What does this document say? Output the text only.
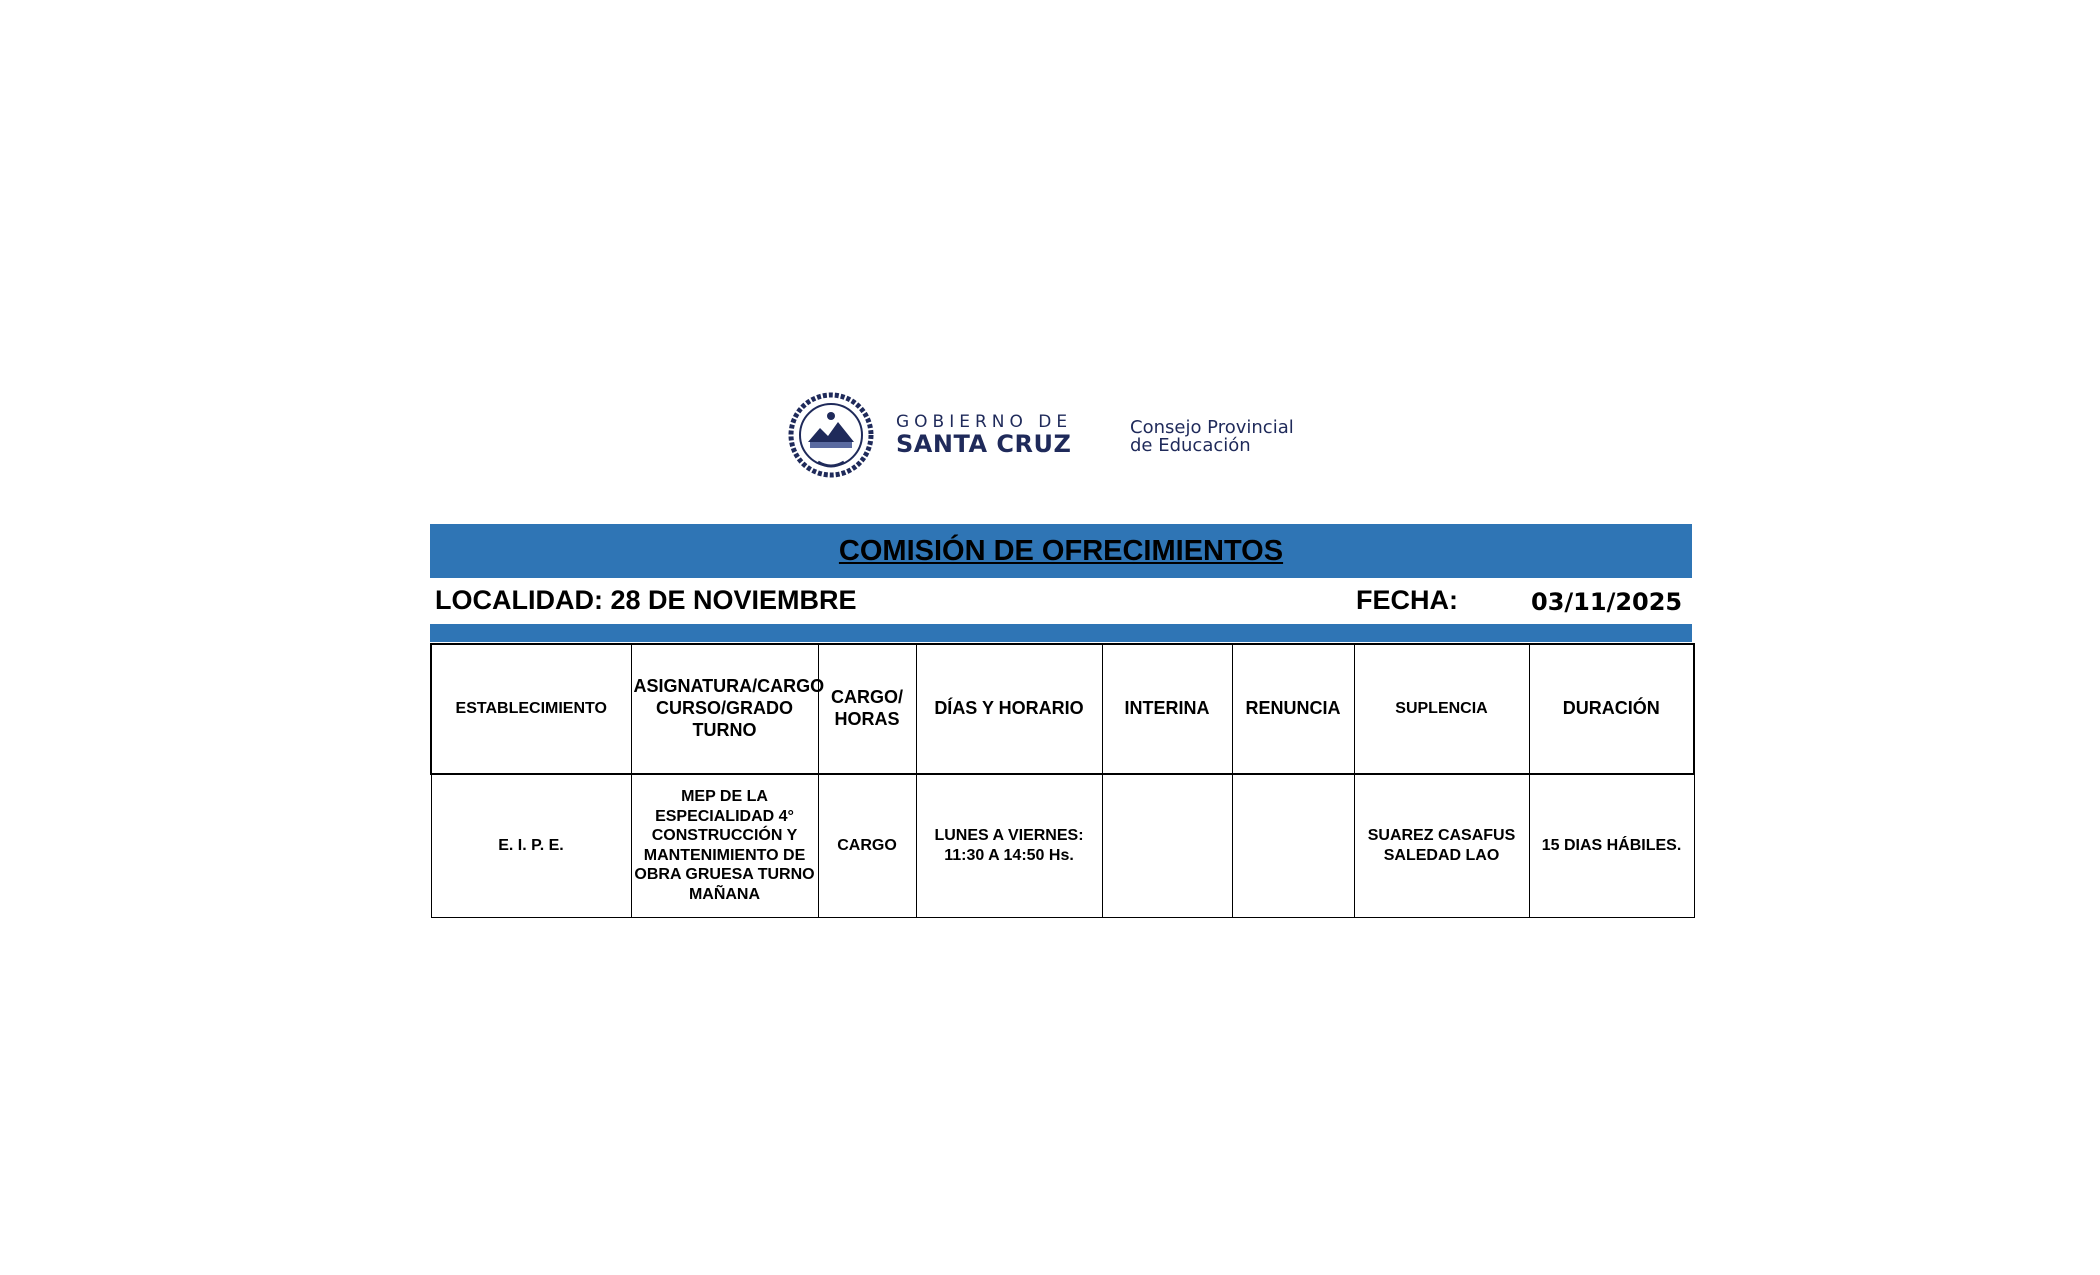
GOBIERNO DE
SANTA CRUZ
Consejo Provincial
de Educación
COMISIÓN DE OFRECIMIENTOS
LOCALIDAD: 28 DE NOVIEMBRE	FECHA:	03/11/2025
ESTABLECIMIENTO	ASIGNATURA/CARGO CURSO/GRADO TURNO	CARGO/ HORAS	DÍAS Y HORARIO	INTERINA	RENUNCIA	SUPLENCIA	DURACIÓN
E. I. P. E.	MEP DE LA ESPECIALIDAD 4° CONSTRUCCIÓN Y MANTENIMIENTO DE OBRA GRUESA TURNO MAÑANA	CARGO	LUNES A VIERNES: 11:30 A 14:50 Hs.			SUAREZ CASAFUS SALEDAD LAO	15 DIAS HÁBILES.
